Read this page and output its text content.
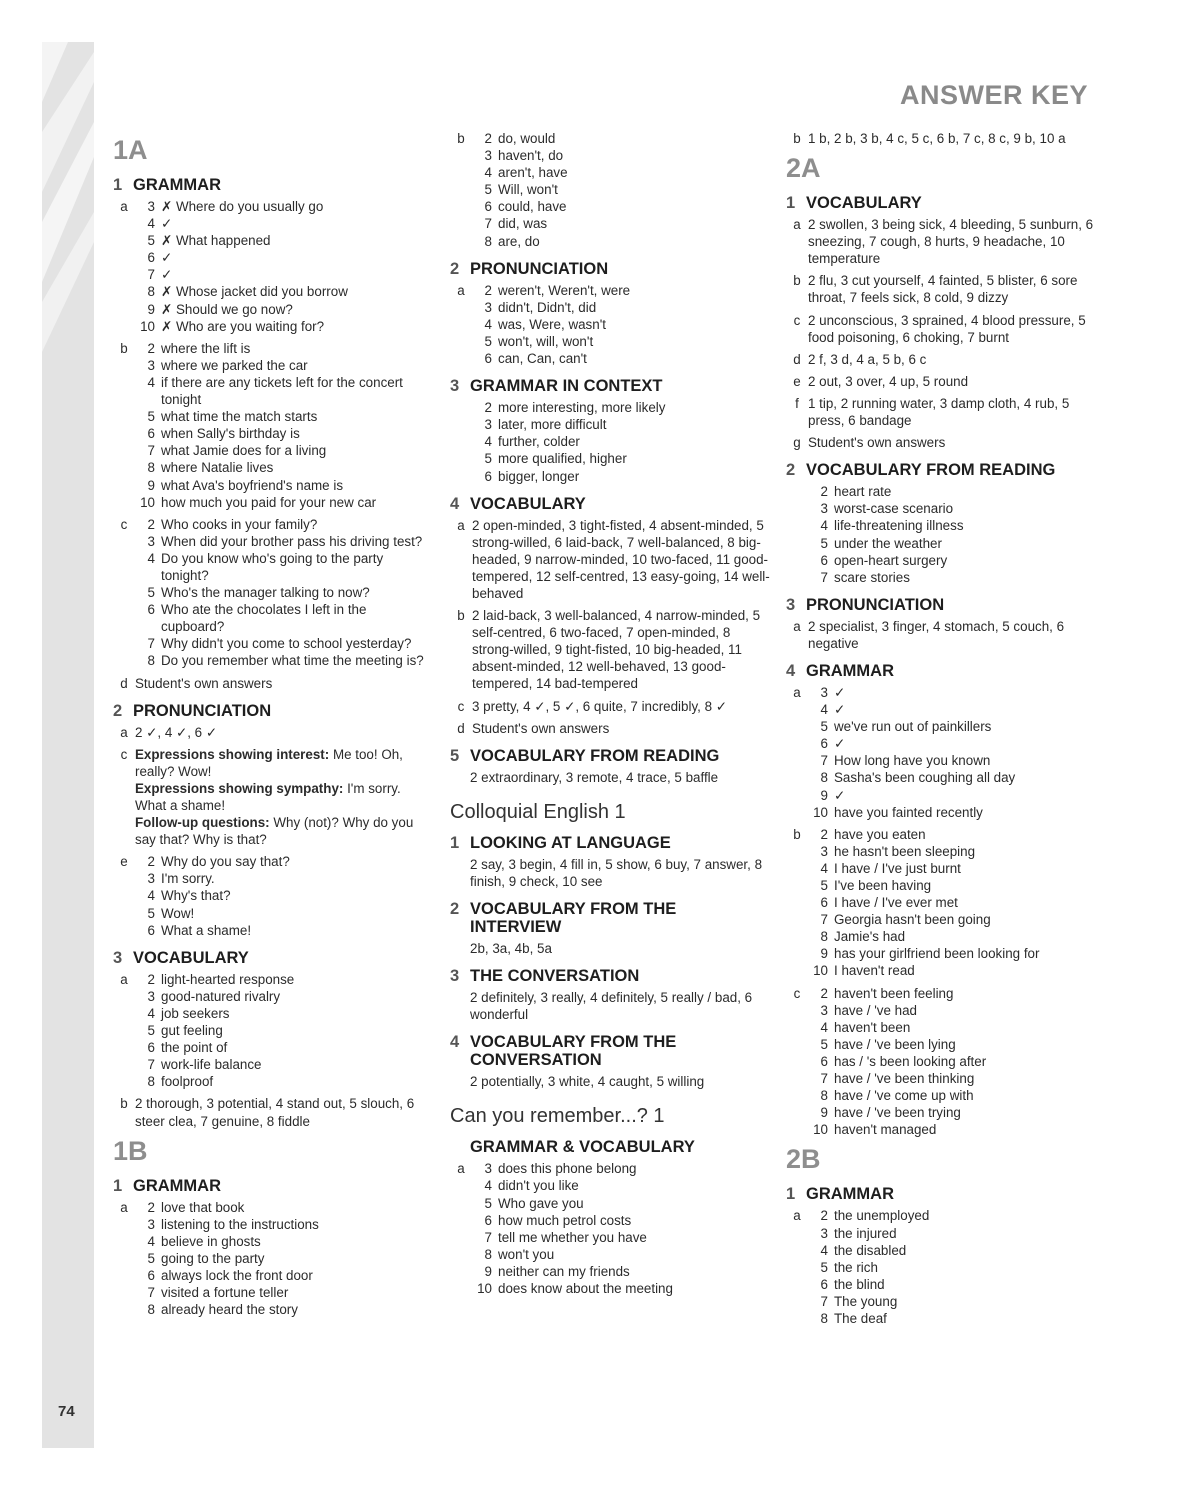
74
ANSWER KEY
1A
1 GRAMMAR
a	3 ✗ Where do you usually go
4 ✓
5 ✗ What happened
6 ✓
7 ✓
8 ✗ Whose jacket did you borrow
9 ✗ Should we go now?
10 ✗ Who are you waiting for?
b	2 where the lift is
3 where we parked the car
4 if there are any tickets left for the concert tonight
5 what time the match starts
6 when Sally's birthday is
7 what Jamie does for a living
8 where Natalie lives
9 what Ava's boyfriend's name is
10 how much you paid for your new car
c	2 Who cooks in your family?
3 When did your brother pass his driving test?
4 Do you know who's going to the party tonight?
5 Who's the manager talking to now?
6 Who ate the chocolates I left in the cupboard?
7 Why didn't you come to school yesterday?
8 Do you remember what time the meeting is?
d Student's own answers
2 PRONUNCIATION
a 2 ✓, 4 ✓, 6 ✓
c Expressions showing interest: Me too! Oh, really? Wow!
Expressions showing sympathy: I'm sorry. What a shame!
Follow-up questions: Why (not)? Why do you say that? Why is that?
e	2 Why do you say that?
3 I'm sorry.
4 Why's that?
5 Wow!
6 What a shame!
3 VOCABULARY
a	2 light-hearted response
3 good-natured rivalry
4 job seekers
5 gut feeling
6 the point of
7 work-life balance
8 foolproof
b 2 thorough, 3 potential, 4 stand out, 5 slouch, 6 steer clea, 7 genuine, 8 fiddle
1B
1 GRAMMAR
a	2 love that book
3 listening to the instructions
4 believe in ghosts
5 going to the party
6 always lock the front door
7 visited a fortune teller
8 already heard the story
b	2 do, would
3 haven't, do
4 aren't, have
5 Will, won't
6 could, have
7 did, was
8 are, do
2 PRONUNCIATION
a	2 weren't, Weren't, were
3 didn't, Didn't, did
4 was, Were, wasn't
5 won't, will, won't
6 can, Can, can't
3 GRAMMAR IN CONTEXT
2 more interesting, more likely
3 later, more difficult
4 further, colder
5 more qualified, higher
6 bigger, longer
4 VOCABULARY
a 2 open-minded, 3 tight-fisted, 4 absent-minded, 5 strong-willed, 6 laid-back, 7 well-balanced, 8 big-headed, 9 narrow-minded, 10 two-faced, 11 good-tempered, 12 self-centred, 13 easy-going, 14 well-behaved
b 2 laid-back, 3 well-balanced, 4 narrow-minded, 5 self-centred, 6 two-faced, 7 open-minded, 8 strong-willed, 9 tight-fisted, 10 big-headed, 11 absent-minded, 12 well-behaved, 13 good-tempered, 14 bad-tempered
c 3 pretty, 4 ✓, 5 ✓, 6 quite, 7 incredibly, 8 ✓
d Student's own answers
5 VOCABULARY FROM READING
2 extraordinary, 3 remote, 4 trace, 5 baffle
Colloquial English 1
1 LOOKING AT LANGUAGE
2 say, 3 begin, 4 fill in, 5 show, 6 buy, 7 answer, 8 finish, 9 check, 10 see
2 VOCABULARY FROM THE INTERVIEW
2b, 3a, 4b, 5a
3 THE CONVERSATION
2 definitely, 3 really, 4 definitely, 5 really / bad, 6 wonderful
4 VOCABULARY FROM THE CONVERSATION
2 potentially, 3 white, 4 caught, 5 willing
Can you remember...? 1
GRAMMAR & VOCABULARY
a	3 does this phone belong
4 didn't you like
5 Who gave you
6 how much petrol costs
7 tell me whether you have
8 won't you
9 neither can my friends
10 does know about the meeting
b 1 b, 2 b, 3 b, 4 c, 5 c, 6 b, 7 c, 8 c, 9 b, 10 a
2A
1 VOCABULARY
a 2 swollen, 3 being sick, 4 bleeding, 5 sunburn, 6 sneezing, 7 cough, 8 hurts, 9 headache, 10 temperature
b 2 flu, 3 cut yourself, 4 fainted, 5 blister, 6 sore throat, 7 feels sick, 8 cold, 9 dizzy
c 2 unconscious, 3 sprained, 4 blood pressure, 5 food poisoning, 6 choking, 7 burnt
d 2 f, 3 d, 4 a, 5 b, 6 c
e 2 out, 3 over, 4 up, 5 round
f 1 tip, 2 running water, 3 damp cloth, 4 rub, 5 press, 6 bandage
g Student's own answers
2 VOCABULARY FROM READING
2 heart rate
3 worst-case scenario
4 life-threatening illness
5 under the weather
6 open-heart surgery
7 scare stories
3 PRONUNCIATION
a 2 specialist, 3 finger, 4 stomach, 5 couch, 6 negative
4 GRAMMAR
a	3 ✓
4 ✓
5 we've run out of painkillers
6 ✓
7 How long have you known
8 Sasha's been coughing all day
9 ✓
10 have you fainted recently
b	2 have you eaten
3 he hasn't been sleeping
4 I have / I've just burnt
5 I've been having
6 I have / I've ever met
7 Georgia hasn't been going
8 Jamie's had
9 has your girlfriend been looking for
10 I haven't read
c	2 haven't been feeling
3 have / 've had
4 haven't been
5 have / 've been lying
6 has / 's been looking after
7 have / 've been thinking
8 have / 've come up with
9 have / 've been trying
10 haven't managed
2B
1 GRAMMAR
a	2 the unemployed
3 the injured
4 the disabled
5 the rich
6 the blind
7 The young
8 The deaf
